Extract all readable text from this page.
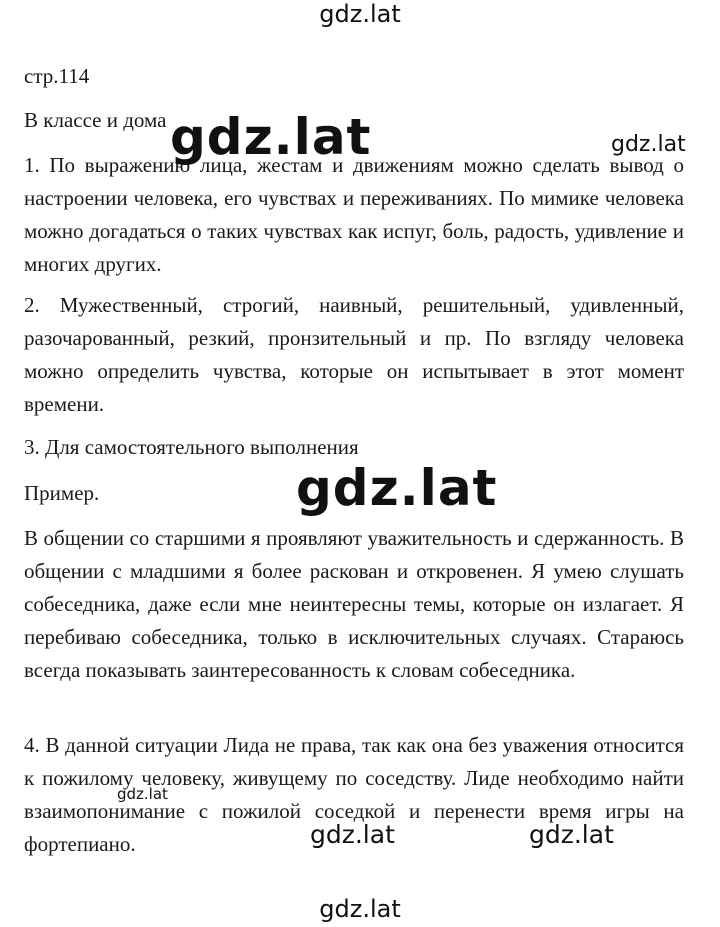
стр.114

В классе и дома

1. По выражению лица, жестам и движениям можно сделать вывод о настроении человека, его чувствах и переживаниях. По мимике человека можно догадаться о таких чувствах как испуг, боль, радость, удивление и многих других.

2. Мужественный, строгий, наивный, решительный, удивленный, разочарованный, резкий, пронзительный и пр. По взгляду человека можно определить чувства, которые он испытывает в этот момент времени.

3. Для самостоятельного выполнения

Пример.

В общении со старшими я проявляют уважительность и сдержанность. В общении с младшими я более раскован и откровенен. Я умею слушать собеседника, даже если мне неинтересны темы, которые он излагает. Я перебиваю собеседника, только в исключительных случаях. Стараюсь всегда показывать заинтересованность к словам собеседника.

4. В данной ситуации Лида не права, так как она без уважения относится к пожилому человеку, живущему по соседству. Лиде необходимо найти взаимопонимание с пожилой соседкой и перенести время игры на фортепиано.

gdz.lat
gdz.lat	gdz.lat
gdz.lat
gdz.lat
gdz.lat	gdz.lat
gdz.lat
